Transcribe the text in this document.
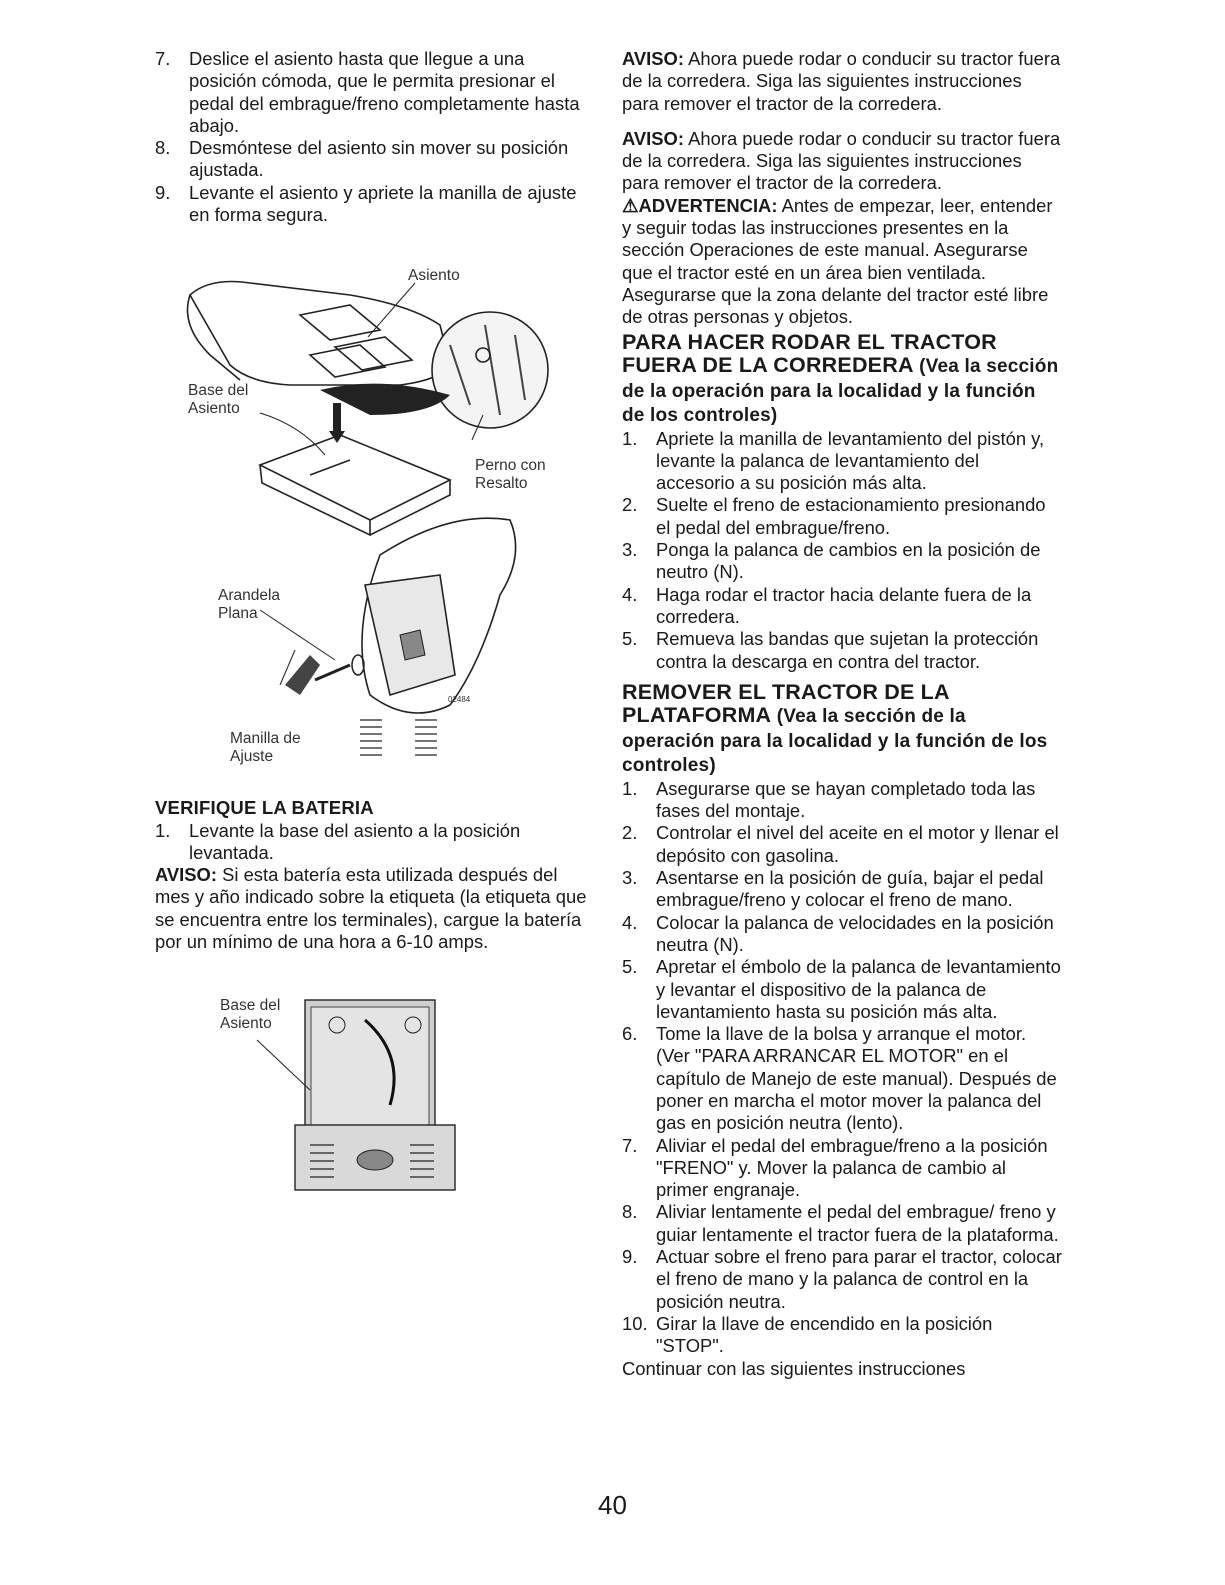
7. Deslice el asiento hasta que llegue a una posición cómoda, que le permita presionar el pedal del embrague/freno completamente hasta abajo.
8. Desmóntese del asiento sin mover su posición ajustada.
9. Levante el asiento y apriete la manilla de ajuste en forma segura.
Asiento
Base del
Asiento
Perno con
Resalto
Arandela
Plana
Manilla de
Ajuste
02484
VERIFIQUE LA BATERIA
1. Levante la base del asiento a la posición levantada.

AVISO: Si esta batería esta utilizada después del mes y año indicado sobre la etiqueta (la etiqueta que se encuentra entre los terminales), cargue la batería por un mínimo de una hora a 6-10 amps.

Base del
Asiento

AVISO: Ahora puede rodar o conducir su tractor fuera de la corredera. Siga las siguientes instrucciones para remover el tractor de la corredera.

AVISO: Ahora puede rodar o conducir su tractor fuera de la corredera. Siga las siguientes instrucciones para remover el tractor de la corredera.

⚠ADVERTENCIA: Antes de empezar, leer, entender y seguir todas las instrucciones presentes en la sección Operaciones de este manual. Asegurarse que el tractor esté en un área bien ventilada. Asegurarse que la zona delante del tractor esté libre de otras personas y objetos.

PARA HACER RODAR EL TRACTOR FUERA DE LA CORREDERA (Vea la sección de la operación para la localidad y la función de los controles)
1. Apriete la manilla de levantamiento del pistón y, levante la palanca de levantamiento del accesorio a su posición más alta.
2. Suelte el freno de estacionamiento presionando el pedal del embrague/freno.
3. Ponga la palanca de cambios en la posición de neutro (N).
4. Haga rodar el tractor hacia delante fuera de la corredera.
5. Remueva las bandas que sujetan la protección contra la descarga en contra del tractor.
REMOVER EL TRACTOR DE LA PLATAFORMA (Vea la sección de la operación para la localidad y la función de los controles)
1. Asegurarse que se hayan completado toda las fases del montaje.
2. Controlar el nivel del aceite en el motor y llenar el depósito con gasolina.
3. Asentarse en la posición de guía, bajar el pedal embrague/freno y colocar el freno de mano.
4. Colocar la palanca de velocidades en la posición neutra (N).
5. Apretar el émbolo de la palanca de levantamiento y levantar el dispositivo de la palanca de levantamiento hasta su posición más alta.
6. Tome la llave de la bolsa y arranque el motor. (Ver "PARA ARRANCAR EL MOTOR" en el capítulo de Manejo de este manual). Después de poner en marcha el motor mover la palanca del gas en posición neutra (lento).
7. Aliviar el pedal del embrague/freno a la posición "FRENO" y. Mover la palanca de cambio al primer engranaje.
8. Aliviar lentamente el pedal del embrague/ freno y guiar lentamente el tractor fuera de la plataforma.
9. Actuar sobre el freno para parar el tractor, colocar el freno de mano y la palanca de control en la posición neutra.
10. Girar la llave de encendido en la posición "STOP".

Continuar con las siguientes instrucciones

40
